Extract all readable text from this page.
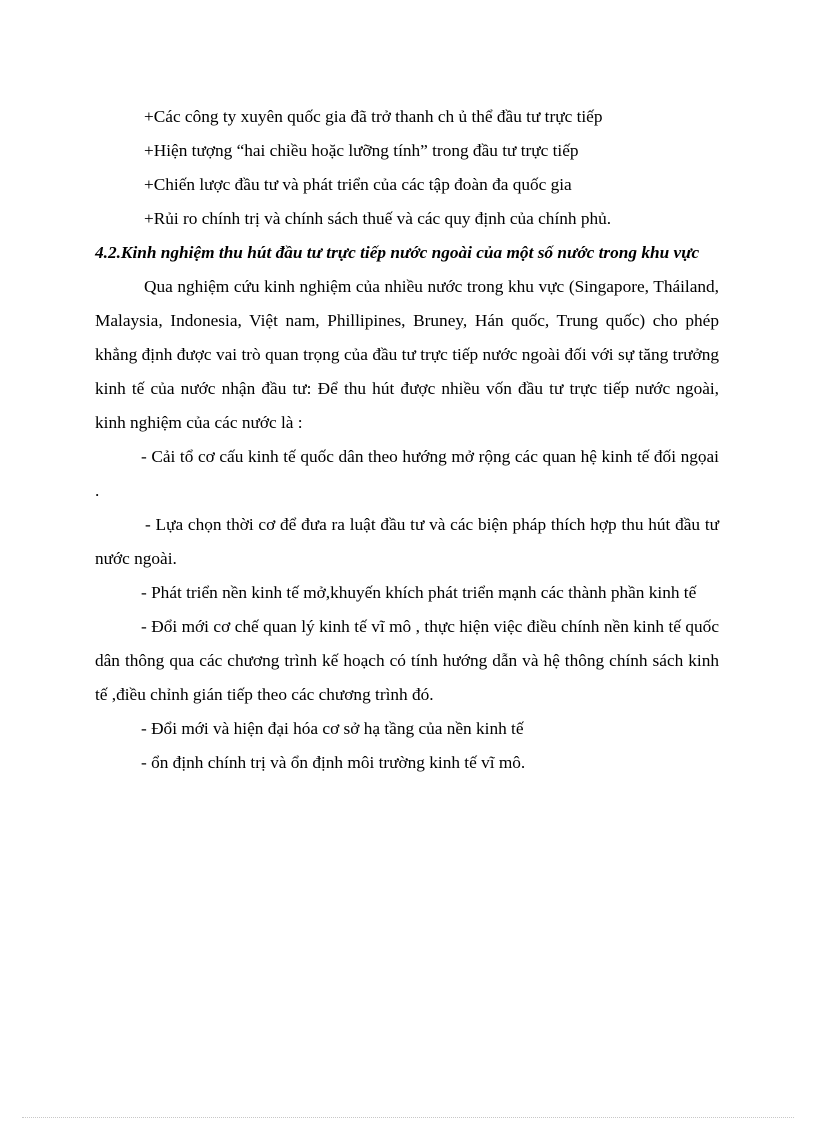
+Các công ty xuyên quốc gia đã trở thanh ch ủ thể đầu tư trực tiếp
+Hiện tượng “hai chiều hoặc lưỡng tính” trong đầu tư trực tiếp
+Chiến lược đầu tư và phát triển của các tập đoàn đa quốc gia
+Rủi ro chính trị và chính sách thuế và các quy định của chính phủ.

4.2.Kinh nghiệm thu hút đầu tư trực tiếp nước ngoài của một số nước trong khu vực

Qua nghiệm cứu kinh nghiệm của nhiều nước trong khu vực (Singapore, Tháiland, Malaysia, Indonesia, Việt nam, Phillipines, Bruney, Hán quốc, Trung quốc) cho phép khẳng định được vai trò quan trọng của đầu tư trực tiếp nước ngoài đối với sự tăng trưởng kinh tế của nước nhận đầu tư: Để thu hút được nhiều vốn đầu tư trực tiếp nước ngoài, kinh nghiệm của các nước là :

- Cải tổ cơ cấu kinh tế quốc dân theo hướng mở rộng các quan hệ kinh tế đối ngọai .

- Lựa chọn thời cơ để đưa ra luật đầu tư và các biện pháp thích hợp thu hút đầu tư nước ngoài.

- Phát triển nền kinh tế mở,khuyến khích phát triển mạnh các thành phần kinh tế

- Đổi mới cơ chế quan lý kinh tế vĩ mô , thực hiện việc điều chính nền kinh tế quốc dân thông qua các chương trình kế hoạch có tính hướng dẫn và hệ thông chính sách kinh tế ,điều chỉnh gián tiếp theo các chương trình đó.

- Đổi mới và hiện đại hóa cơ sở hạ tầng của nền kinh tế

- ổn định chính trị và ổn định môi trường kinh tế vĩ mô.
